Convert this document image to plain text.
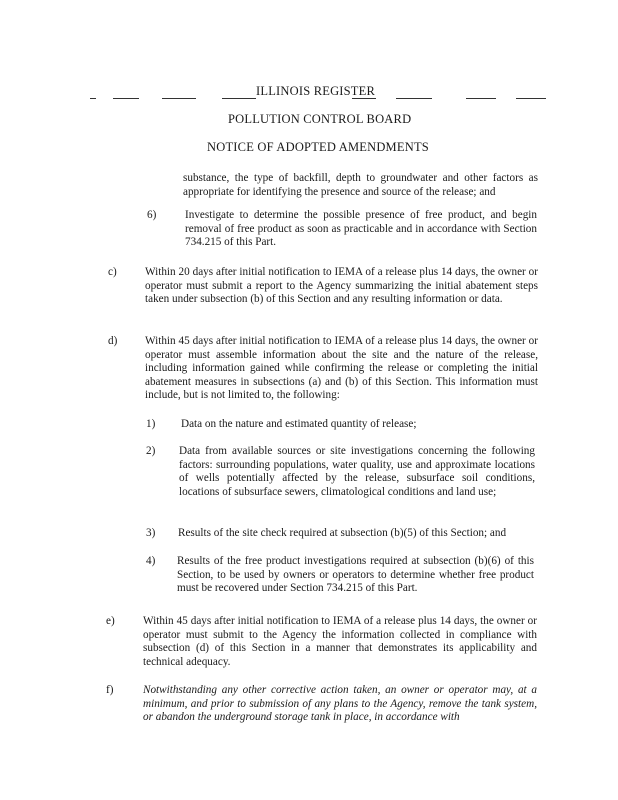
ILLINOIS REGISTER
POLLUTION CONTROL BOARD
NOTICE OF ADOPTED AMENDMENTS
substance, the type of backfill, depth to groundwater and other factors as appropriate for identifying the presence and source of the release; and
6)	Investigate to determine the possible presence of free product, and begin removal of free product as soon as practicable and in accordance with Section 734.215 of this Part.
c)	Within 20 days after initial notification to IEMA of a release plus 14 days, the owner or operator must submit a report to the Agency summarizing the initial abatement steps taken under subsection (b) of this Section and any resulting information or data.
d) Within 45 days after initial notification to IEMA of a release plus 14 days, the owner or operator must assemble information about the site and the nature of the release, including information gained while confirming the release or completing the initial abatement measures in subsections (a) and (b) of this Section. This information must include, but is not limited to, the following:
1) Data on the nature and estimated quantity of release;
2) Data from available sources or site investigations concerning the following factors: surrounding populations, water quality, use and approximate locations of wells potentially affected by the release, subsurface soil conditions, locations of subsurface sewers, climatological conditions and land use;
3) Results of the site check required at subsection (b)(5) of this Section; and
4) Results of the free product investigations required at subsection (b)(6) of this Section, to be used by owners or operators to determine whether free product must be recovered under Section 734.215 of this Part.
e)	Within 45 days after initial notification to IEMA of a release plus 14 days, the owner or operator must submit to the Agency the information collected in compliance with subsection (d) of this Section in a manner that demonstrates its applicability and technical adequacy.
f)	Notwithstanding any other corrective action taken, an owner or operator may, at a minimum, and prior to submission of any plans to the Agency, remove the tank system, or abandon the underground storage tank in place, in accordance with
